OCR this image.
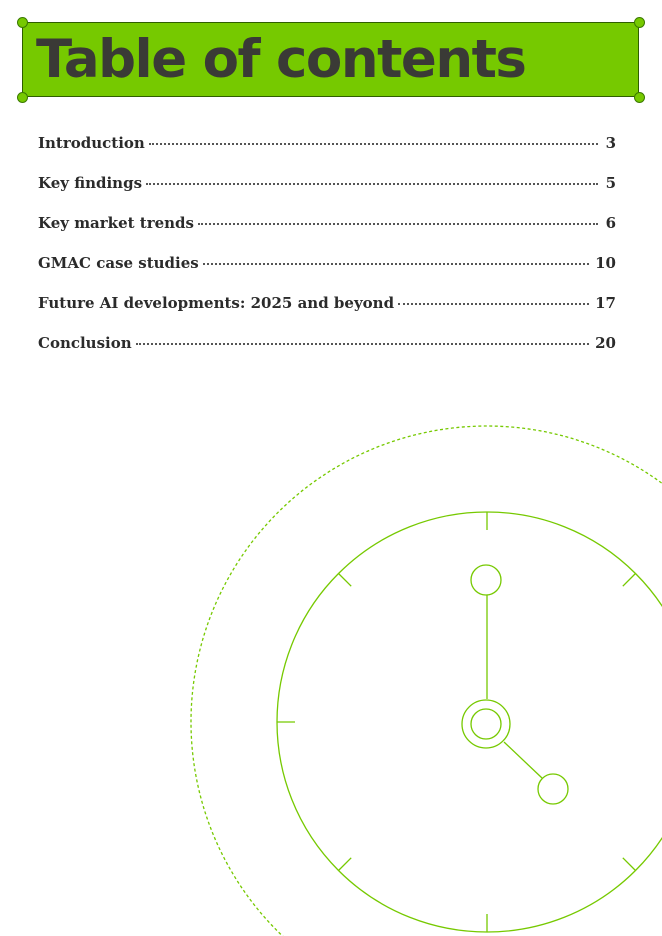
Table of contents
Introduction	3
Key findings	5
Key market trends	6
GMAC case studies	10
Future AI developments: 2025 and beyond	17
Conclusion	20
